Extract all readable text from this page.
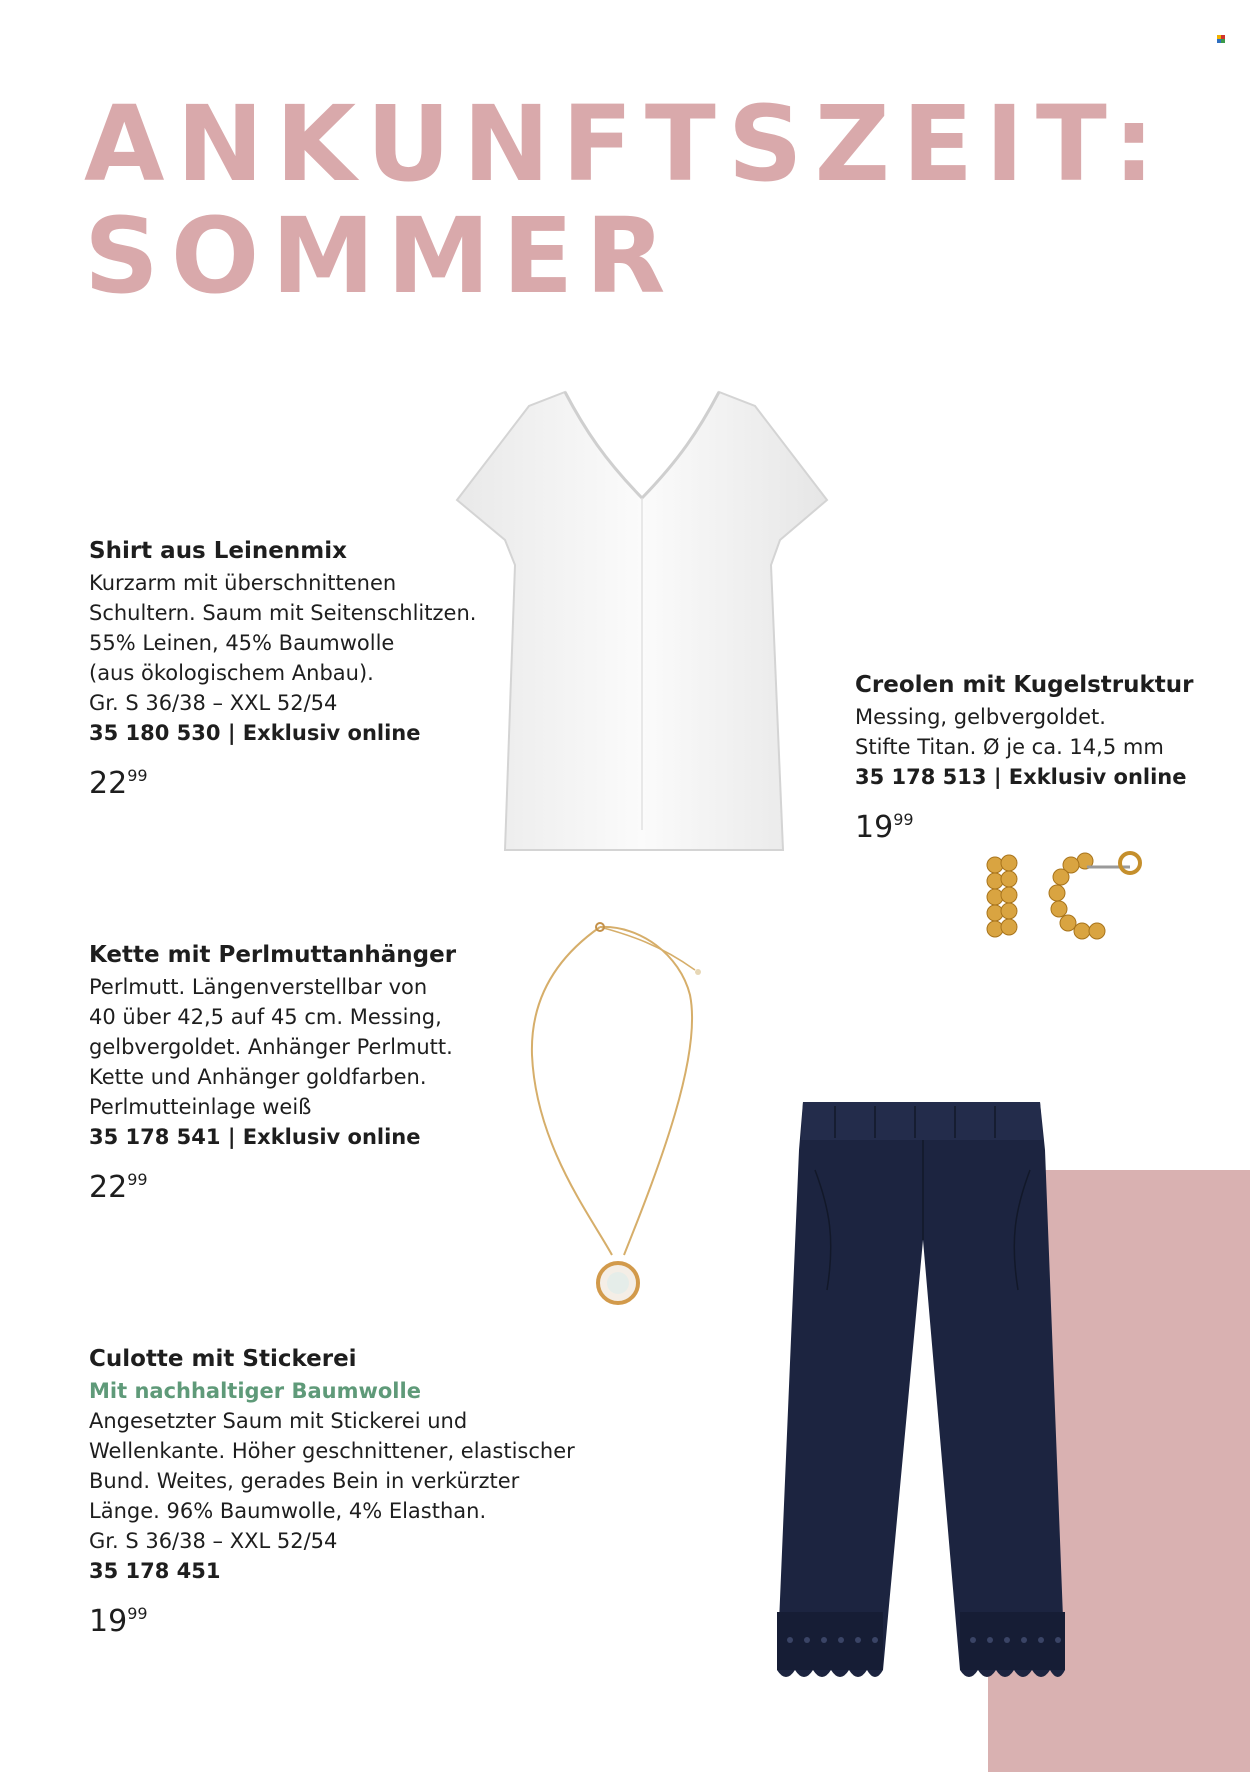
ANKUNFTSZEIT:
SOMMER
Shirt aus Leinenmix
Kurzarm mit überschnittenen
Schultern. Saum mit Seitenschlitzen.
55% Leinen, 45% Baumwolle
(aus ökologischem Anbau).
Gr. S 36/38 – XXL 52/54
35 180 530 | Exklusiv online
$22^{99}$
Creolen mit Kugelstruktur
Messing, gelbvergoldet.
Stifte Titan. Ø je ca. 14,5 mm
35 178 513 | Exklusiv online
$19^{99}$
Kette mit Perlmuttanhänger
Perlmutt. Längenverstellbar von
40 über 42,5 auf 45 cm. Messing,
gelbvergoldet. Anhänger Perlmutt.
Kette und Anhänger goldfarben.
Perlmutteinlage weiß
35 178 541 | Exklusiv online
$22^{99}$
Culotte mit Stickerei
Mit nachhaltiger Baumwolle
Angesetzter Saum mit Stickerei und
Wellenkante. Höher geschnittener, elastischer
Bund. Weites, gerades Bein in verkürzter
Länge. 96% Baumwolle, 4% Elasthan.
Gr. S 36/38 – XXL 52/54
35 178 451
$19^{99}$
